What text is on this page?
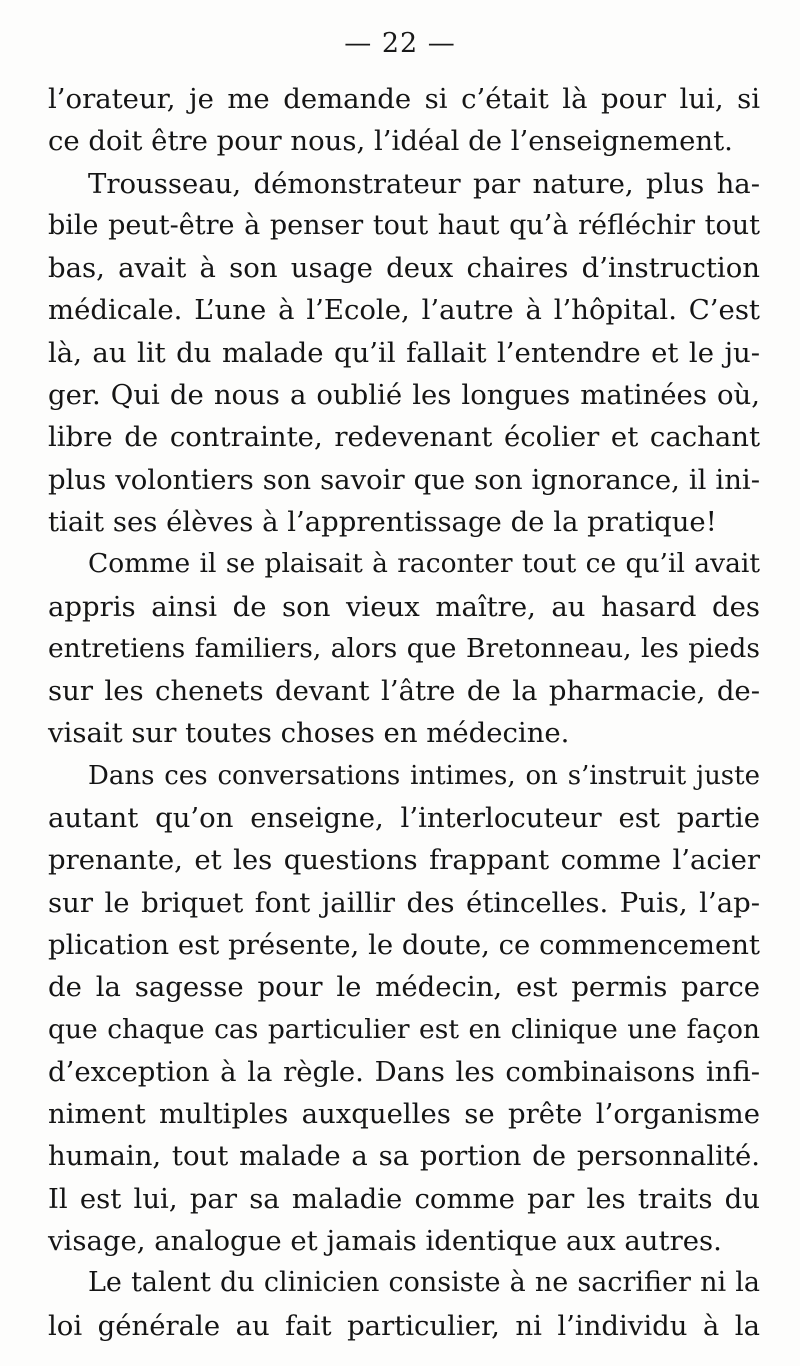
— 22 —
l’orateur, je me demande si c’était là pour lui, si
ce doit être pour nous, l’idéal de l’enseignement.
Trousseau, démonstrateur par nature, plus ha-
bile peut-être à penser tout haut qu’à réfléchir tout
bas, avait à son usage deux chaires d’instruction
médicale. L’une à l’Ecole, l’autre à l’hôpital. C’est
là, au lit du malade qu’il fallait l’entendre et le ju-
ger. Qui de nous a oublié les longues matinées où,
libre de contrainte, redevenant écolier et cachant
plus volontiers son savoir que son ignorance, il ini-
tiait ses élèves à l’apprentissage de la pratique!
Comme il se plaisait à raconter tout ce qu’il avait
appris ainsi de son vieux maître, au hasard des
entretiens familiers, alors que Bretonneau, les pieds
sur les chenets devant l’âtre de la pharmacie, de-
visait sur toutes choses en médecine.
Dans ces conversations intimes, on s’instruit juste
autant qu’on enseigne, l’interlocuteur est partie
prenante, et les questions frappant comme l’acier
sur le briquet font jaillir des étincelles. Puis, l’ap-
plication est présente, le doute, ce commencement
de la sagesse pour le médecin, est permis parce
que chaque cas particulier est en clinique une façon
d’exception à la règle. Dans les combinaisons infi-
niment multiples auxquelles se prête l’organisme
humain, tout malade a sa portion de personnalité.
Il est lui, par sa maladie comme par les traits du
visage, analogue et jamais identique aux autres.
Le talent du clinicien consiste à ne sacrifier ni la
loi générale au fait particulier, ni l’individu à la
